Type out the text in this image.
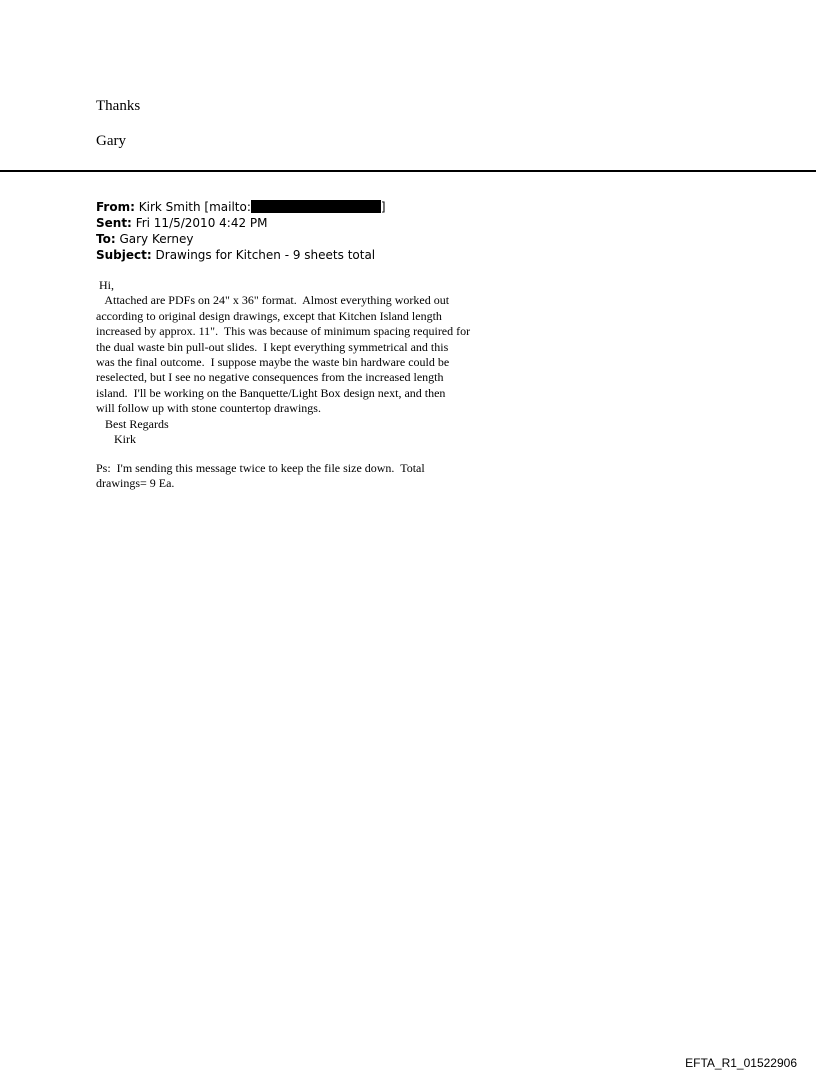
Thanks
Gary
From: Kirk Smith [mailto:	]
Sent: Fri 11/5/2010 4:42 PM
To: Gary Kerney
Subject: Drawings for Kitchen - 9 sheets total

Hi,

Attached are PDFs on 24" x 36" format.  Almost everything worked out

according to original design drawings, except that Kitchen Island length

increased by approx. 11".  This was because of minimum spacing required for

the dual waste bin pull-out slides.  I kept everything symmetrical and this

was the final outcome.  I suppose maybe the waste bin hardware could be

reselected, but I see no negative consequences from the increased length

island.  I'll be working on the Banquette/Light Box design next, and then

will follow up with stone countertop drawings.

Best Regards

Kirk

Ps:  I'm sending this message twice to keep the file size down.  Total

drawings= 9 Ea.

EFTA_R1_01522906
